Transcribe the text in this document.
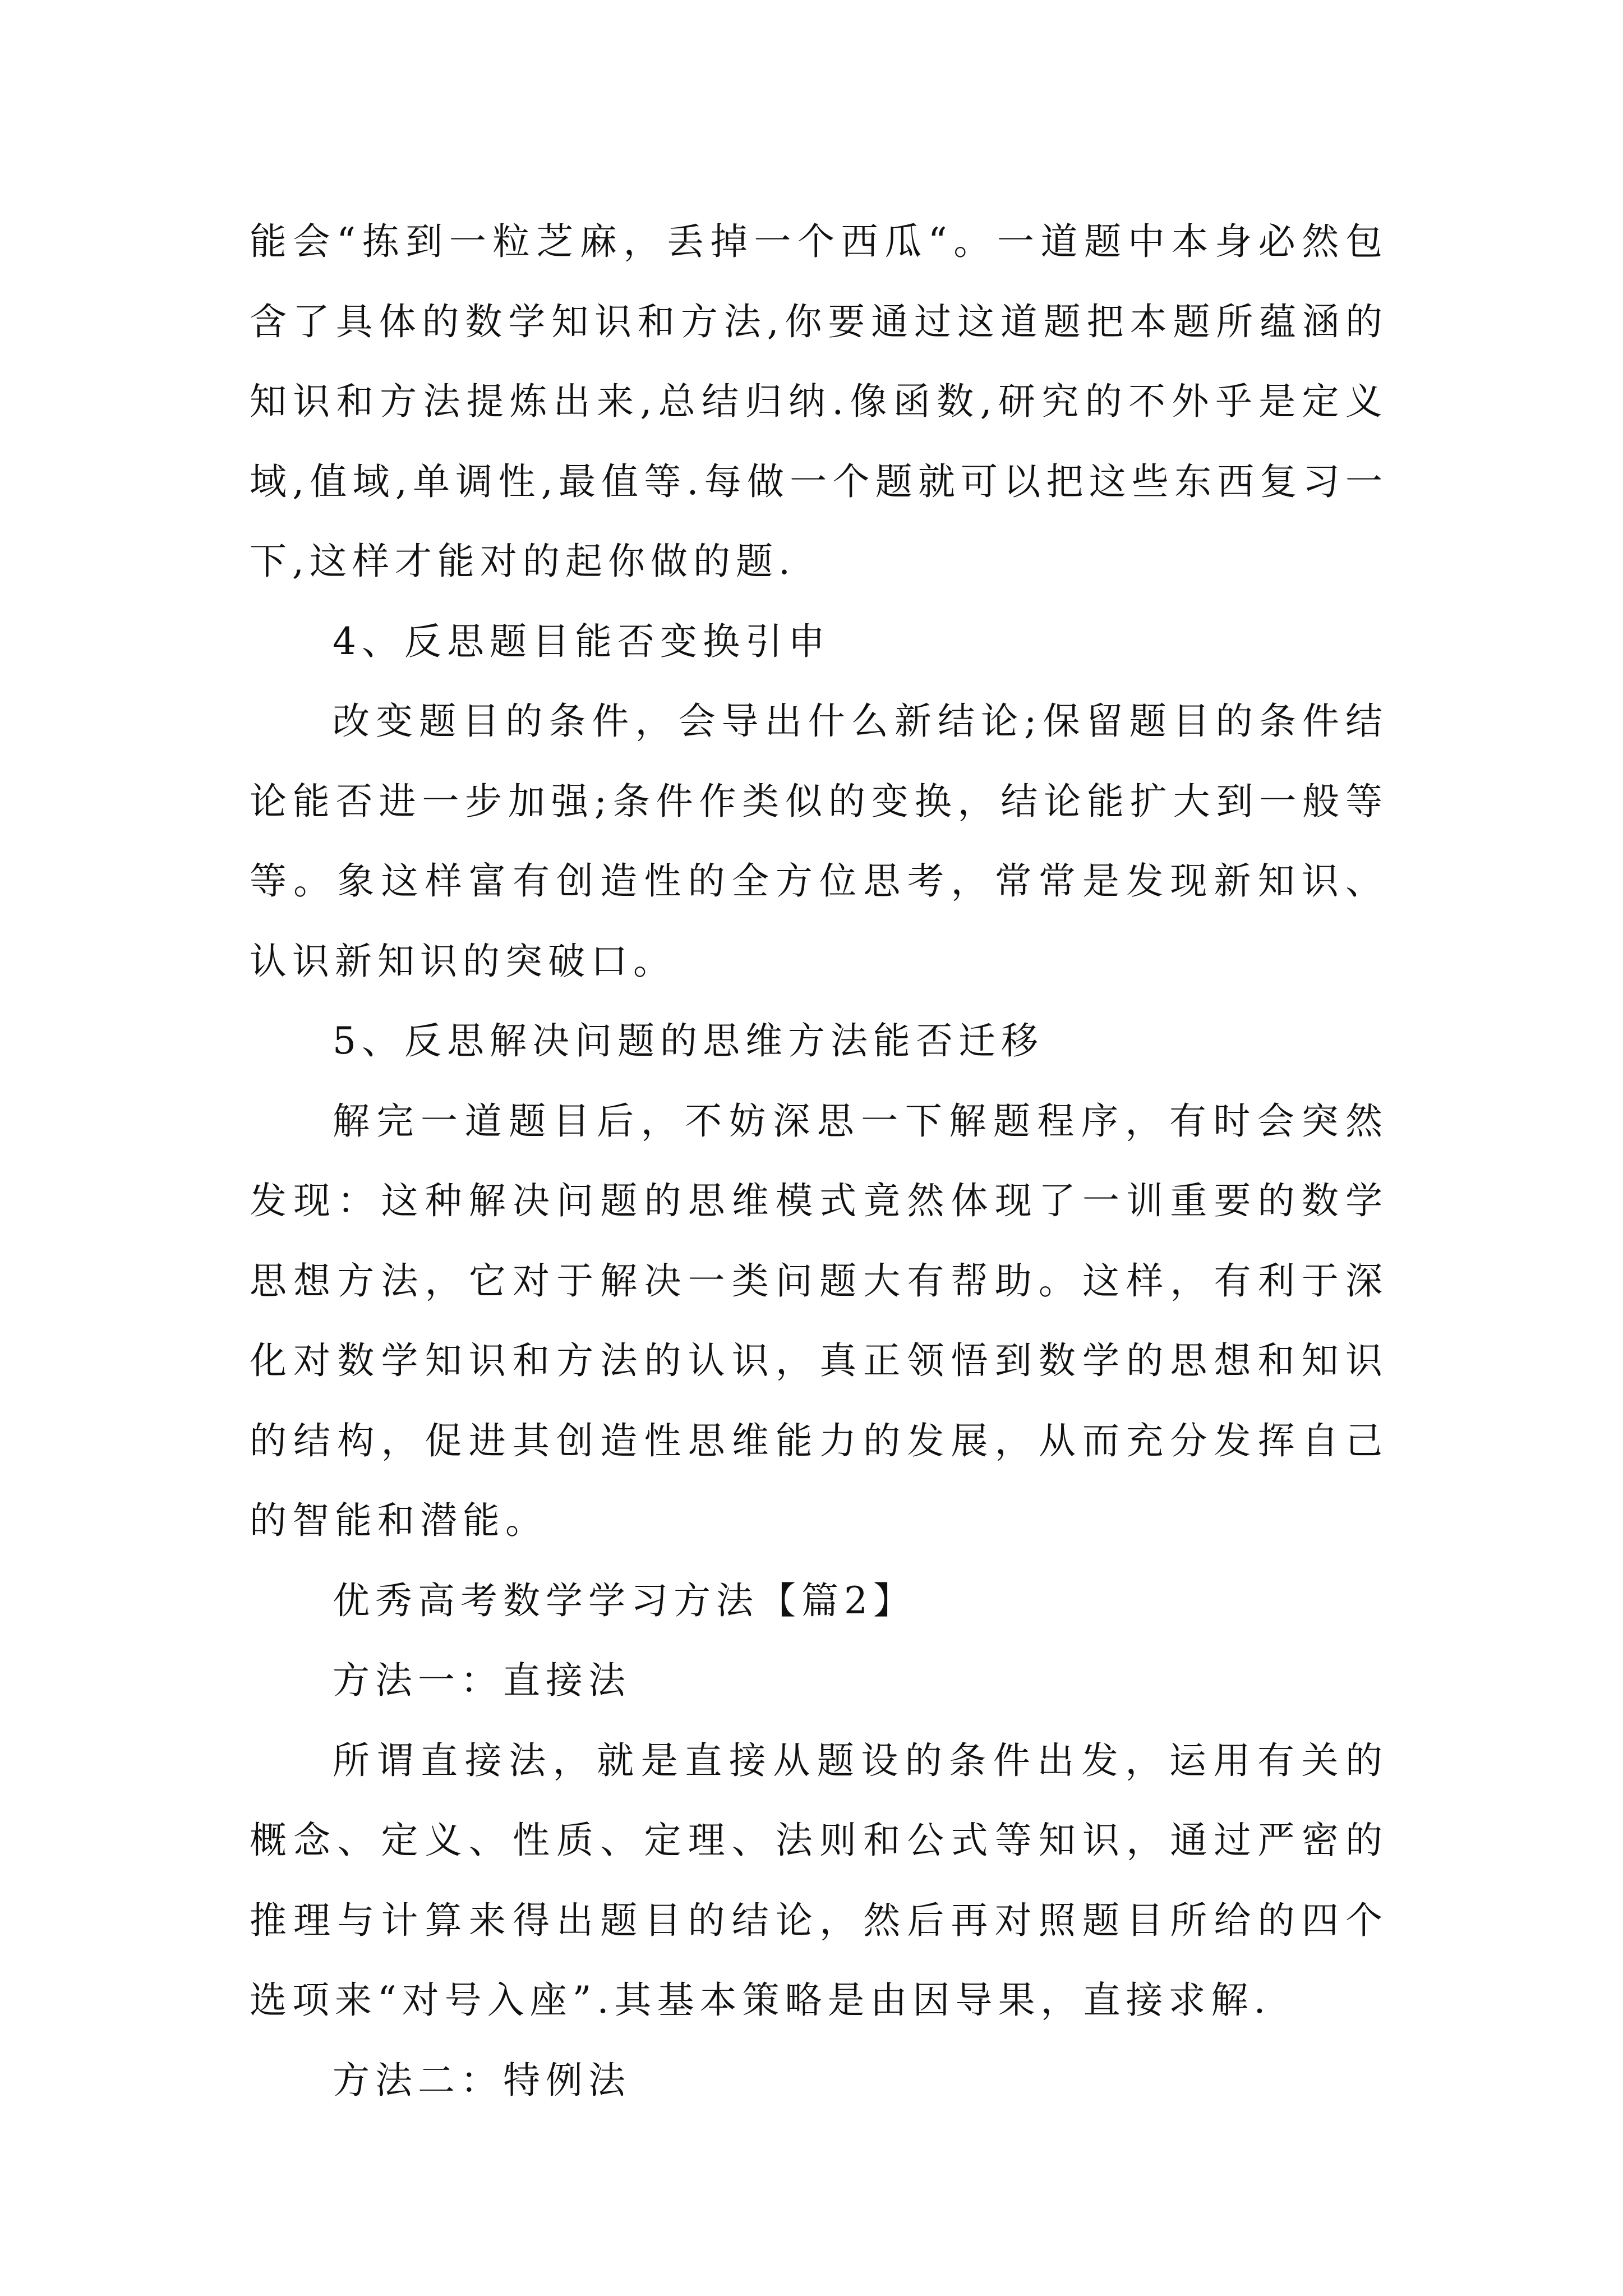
能会“拣到一粒芝麻，丢掉一个西瓜“。一道题中本身必然包含了具体的数学知识和方法,你要通过这道题把本题所蕴涵的知识和方法提炼出来,总结归纳.像函数,研究的不外乎是定义域,值域,单调性,最值等.每做一个题就可以把这些东西复习一下,这样才能对的起你做的题.

4、反思题目能否变换引申

改变题目的条件，会导出什么新结论;保留题目的条件结论能否进一步加强;条件作类似的变换，结论能扩大到一般等等。象这样富有创造性的全方位思考，常常是发现新知识、认识新知识的突破口。

5、反思解决问题的思维方法能否迁移

解完一道题目后，不妨深思一下解题程序，有时会突然发现：这种解决问题的思维模式竟然体现了一训重要的数学思想方法，它对于解决一类问题大有帮助。这样，有利于深化对数学知识和方法的认识，真正领悟到数学的思想和知识的结构，促进其创造性思维能力的发展，从而充分发挥自己的智能和潜能。

优秀高考数学学习方法【篇2】

方法一：直接法

所谓直接法，就是直接从题设的条件出发，运用有关的概念、定义、性质、定理、法则和公式等知识，通过严密的推理与计算来得出题目的结论，然后再对照题目所给的四个选项来“对号入座”.其基本策略是由因导果，直接求解.

方法二：特例法
